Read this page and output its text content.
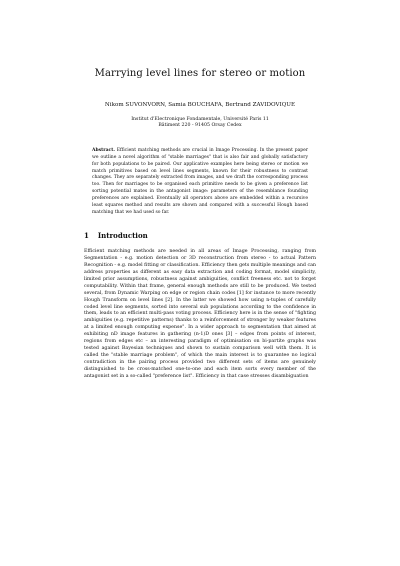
Marrying level lines for stereo or motion
Nikom SUVONVORN, Samia BOUCHAFA, Bertrand ZAVIDOVIQUE
Institut d'Electronique Fondamentale, Université Paris 11
Bâtiment 220 - 91405 Orsay Cedex
Abstract. Efficient matching methods are crucial in Image Processing. In the present paper we outline a novel algorithm of "stable marriages" that is also fair and globally satisfactory for both populations to be paired. Our applicative examples here being stereo or motion we match primitives based on level lines segments, known for their robustness to contrast changes. They are separately extracted from images, and we draft the corresponding process too. Then for marriages to be organised each primitive needs to be given a preference list sorting potential mates in the antagonist image: parameters of the resemblance founding preferences are explained. Eventually all operators above are embedded within a recursive least squares method and results are shown and compared with a successful Hough based matching that we had used so far.
1 Introduction
Efficient matching methods are needed in all areas of Image Processing, ranging from Segmentation - e.g. motion detection or 3D reconstruction from stereo - to actual Pattern Recognition - e.g. model fitting or classification. Efficiency then gets multiple meanings and can address properties as different as easy data extraction and coding format, model simplicity, limited prior assumptions, robustness against ambiguities, conflict freeness etc. not to forget computability. Within that frame, general enough methods are still to be produced. We tested several, from Dynamic Warping on edge or region chain codes [1] for instance to more recently Hough Transform on level lines [2]. In the latter we showed how using n-tuples of carefully coded level line segments, sorted into several sub populations according to the confidence in them, leads to an efficient multi-pass voting process. Efficiency here is in the sense of "fighting ambiguities (e.g. repetitive patterns) thanks to a reinforcement of stronger by weaker features at a limited enough computing expense". In a wider approach to segmentation that aimed at exhibiting nD image features in gathering (n-1)D ones [3] – edges from points of interest, regions from edges etc – an interesting paradigm of optimisation on bi-partite graphs was tested against Bayesian techniques and shown to sustain comparison well with them. It is called the "stable marriage problem", of which the main interest is to guarantee no logical contradiction in the pairing process provided two different sets of items are genuinely distinguished to be cross-matched one-to-one and each item sorts every member of the antagonist set in a so-called "preference list". Efficiency in that case stresses disambiguation
